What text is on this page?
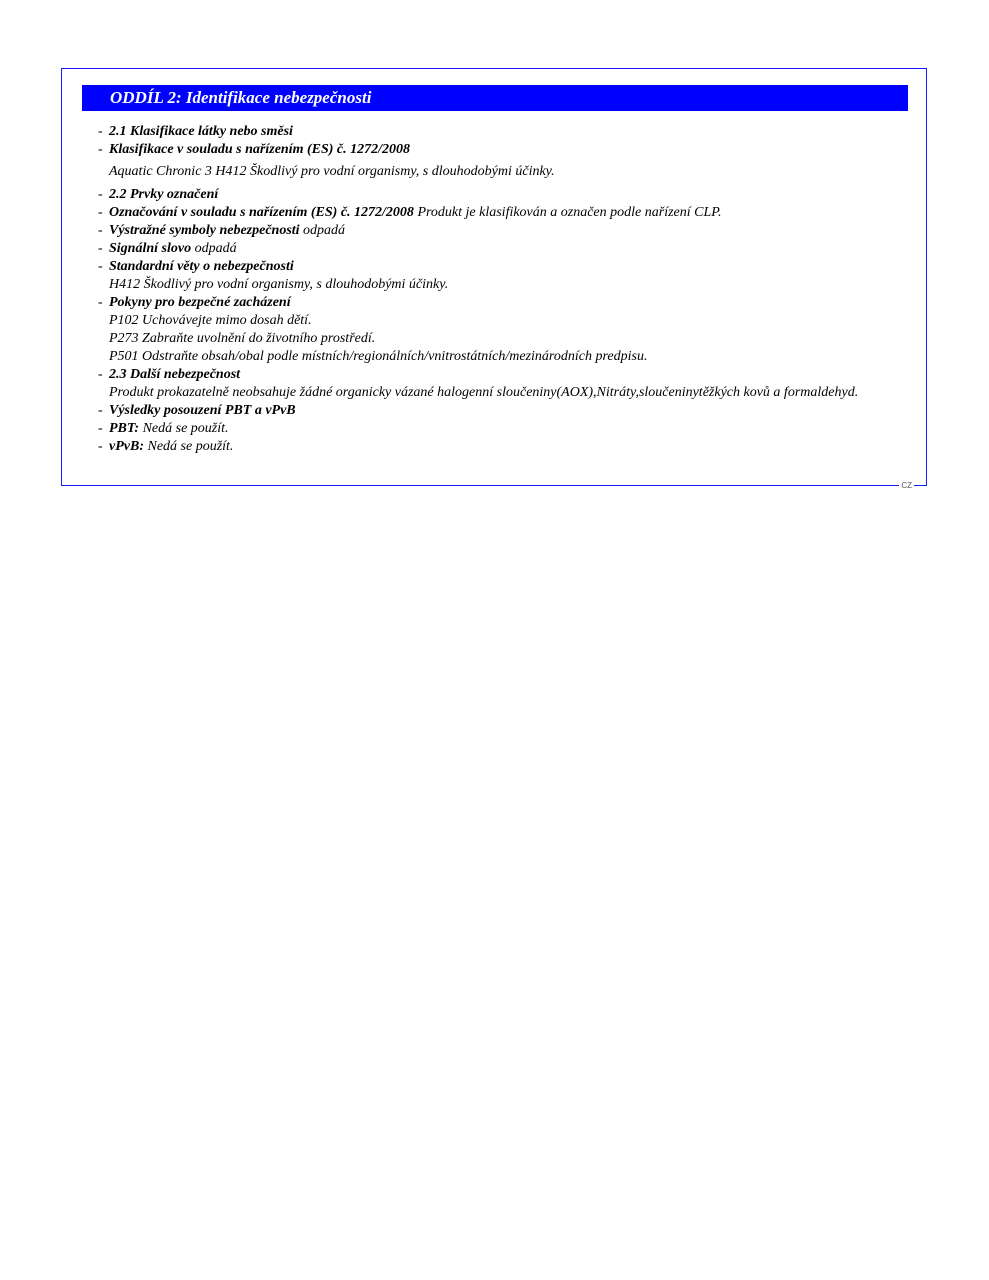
ODDÍL 2: Identifikace nebezpečnosti
- 2.1 Klasifikace látky nebo směsi
- Klasifikace v souladu s nařízením (ES) č. 1272/2008
Aquatic Chronic 3 H412 Škodlivý pro vodní organismy, s dlouhodobými účinky.
- 2.2 Prvky označení
- Označování v souladu s nařízením (ES) č. 1272/2008 Produkt je klasifikován a označen podle nařízení CLP.
- Výstražné symboly nebezpečnosti odpadá
- Signální slovo odpadá
- Standardní věty o nebezpečnosti
H412 Škodlivý pro vodní organismy, s dlouhodobými účinky.
- Pokyny pro bezpečné zacházení
P102 Uchovávejte mimo dosah dětí.
P273 Zabraňte uvolnění do životního prostředí.
P501 Odstraňte obsah/obal podle místních/regionálních/vnitrostátních/mezinárodních predpisu.
- 2.3 Další nebezpečnost
Produkt prokazatelně neobsahuje žádné organicky vázané halogenní sloučeniny(AOX),Nitráty,sloučeninytěžkých kovů a formaldehyd.
- Výsledky posouzení PBT a vPvB
- PBT: Nedá se použít.
- vPvB: Nedá se použít.
CZ
